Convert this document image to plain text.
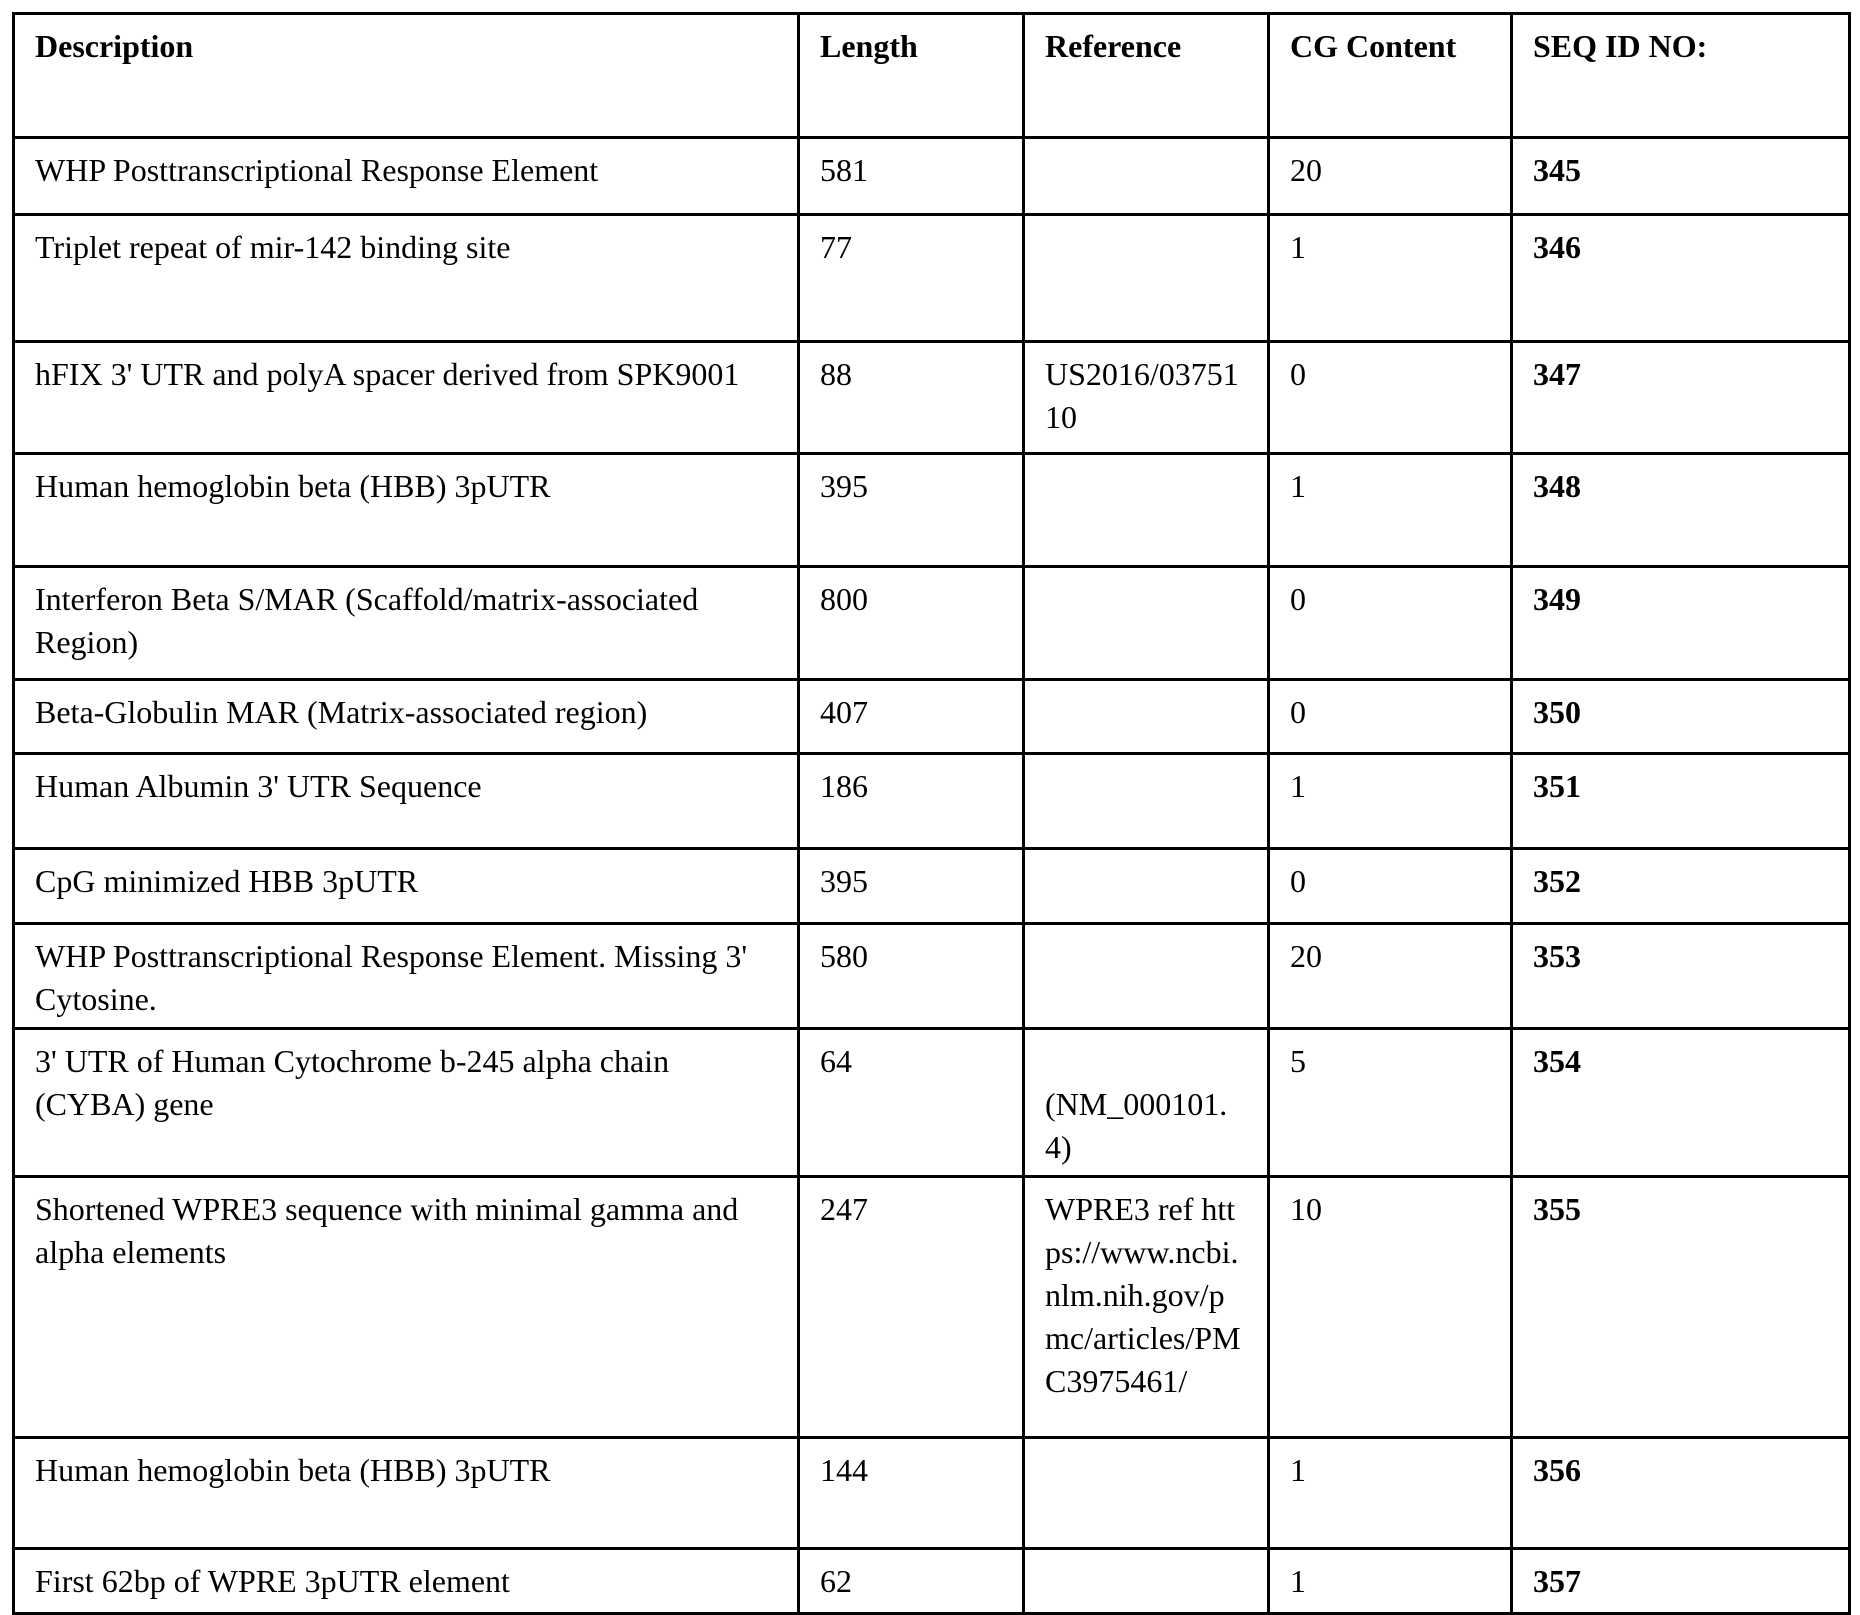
Description	Length	Reference	CG Content	SEQ ID NO:
WHP Posttranscriptional Response Element	581		20	345
Triplet repeat of mir-142 binding site	77		1	346
hFIX 3' UTR and polyA spacer derived from SPK9001	88	US2016/0375110	0	347
Human hemoglobin beta (HBB) 3pUTR	395		1	348
Interferon Beta S/MAR (Scaffold/matrix-associated Region)	800		0	349
Beta-Globulin MAR (Matrix-associated region)	407		0	350
Human Albumin 3' UTR Sequence	186		1	351
CpG minimized HBB 3pUTR	395		0	352
WHP Posttranscriptional Response Element. Missing 3' Cytosine.	580		20	353
3' UTR of Human Cytochrome b-245 alpha chain (CYBA) gene	64	(NM_000101.4)	5	354
Shortened WPRE3 sequence with minimal gamma and alpha elements	247	WPRE3 ref https://www.ncbi.nlm.nih.gov/pmc/articles/PMC3975461/	10	355
Human hemoglobin beta (HBB) 3pUTR	144		1	356
First 62bp of WPRE 3pUTR element	62		1	357
